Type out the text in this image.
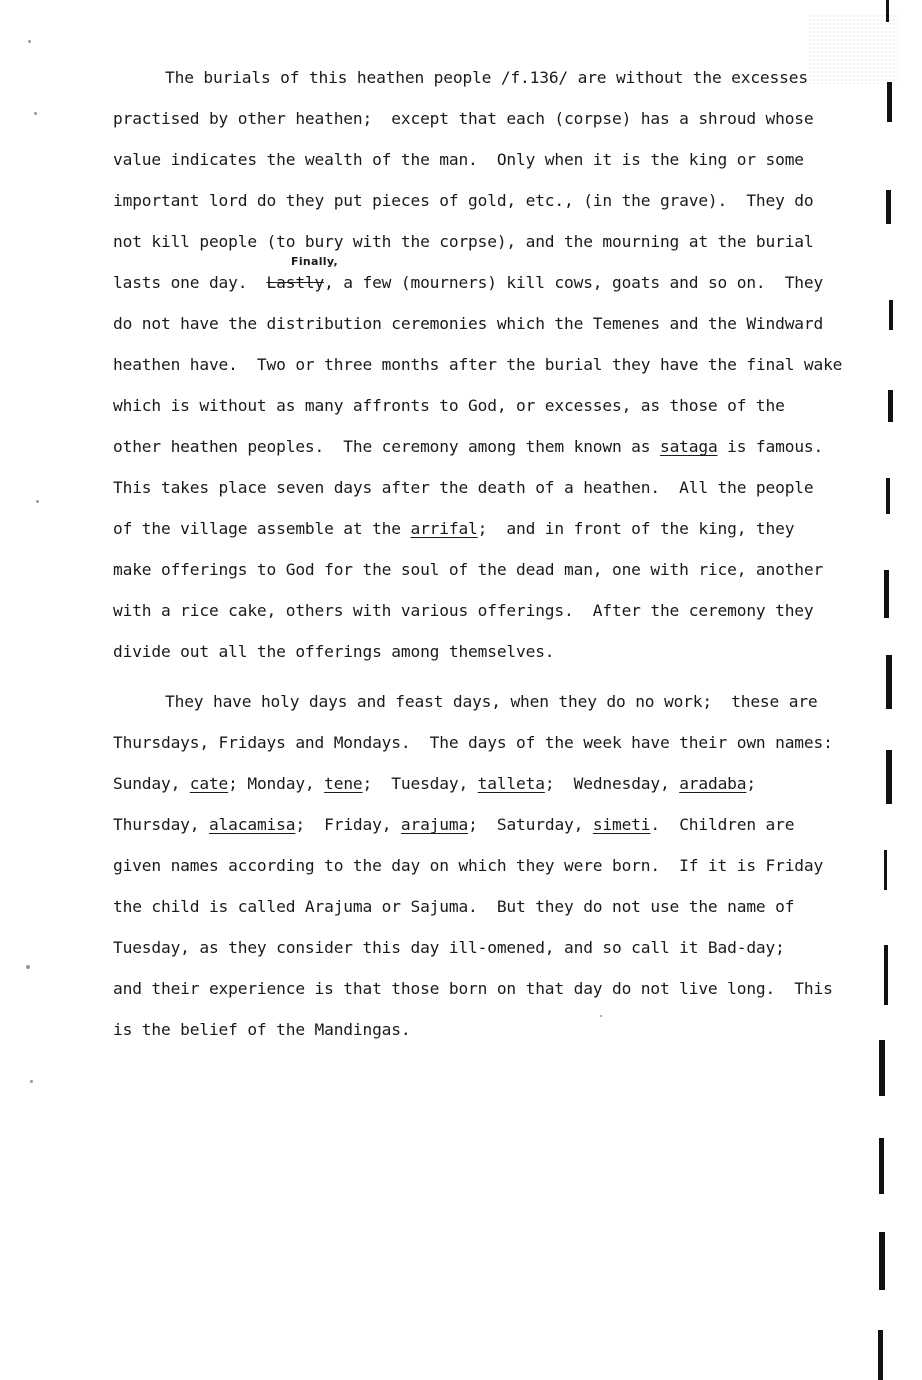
The burials of this heathen people /f.136/ are without the excesses
practised by other heathen;  except that each (corpse) has a shroud whose
value indicates the wealth of the man.  Only when it is the king or some
important lord do they put pieces of gold, etc., (in the grave).  They do
not kill people (to bury with the corpse), and the mourning at the burial
Finally,
lasts one day.  Lastly, a few (mourners) kill cows, goats and so on.  They
do not have the distribution ceremonies which the Temenes and the Windward
heathen have.  Two or three months after the burial they have the final wake
which is without as many affronts to God, or excesses, as those of the
other heathen peoples.  The ceremony among them known as sataga is famous.
This takes place seven days after the death of a heathen.  All the people
of the village assemble at the arrifal;  and in front of the king, they
make offerings to God for the soul of the dead man, one with rice, another
with a rice cake, others with various offerings.  After the ceremony they
divide out all the offerings among themselves.
They have holy days and feast days, when they do no work;  these are
Thursdays, Fridays and Mondays.  The days of the week have their own names:
Sunday, cate; Monday, tene;  Tuesday, talleta;  Wednesday, aradaba;
Thursday, alacamisa;  Friday, arajuma;  Saturday, simeti.  Children are
given names according to the day on which they were born.  If it is Friday
the child is called Arajuma or Sajuma.  But they do not use the name of
Tuesday, as they consider this day ill-omened, and so call it Bad-day;
and their experience is that those born on that day do not live long.  This
is the belief of the Mandingas.
